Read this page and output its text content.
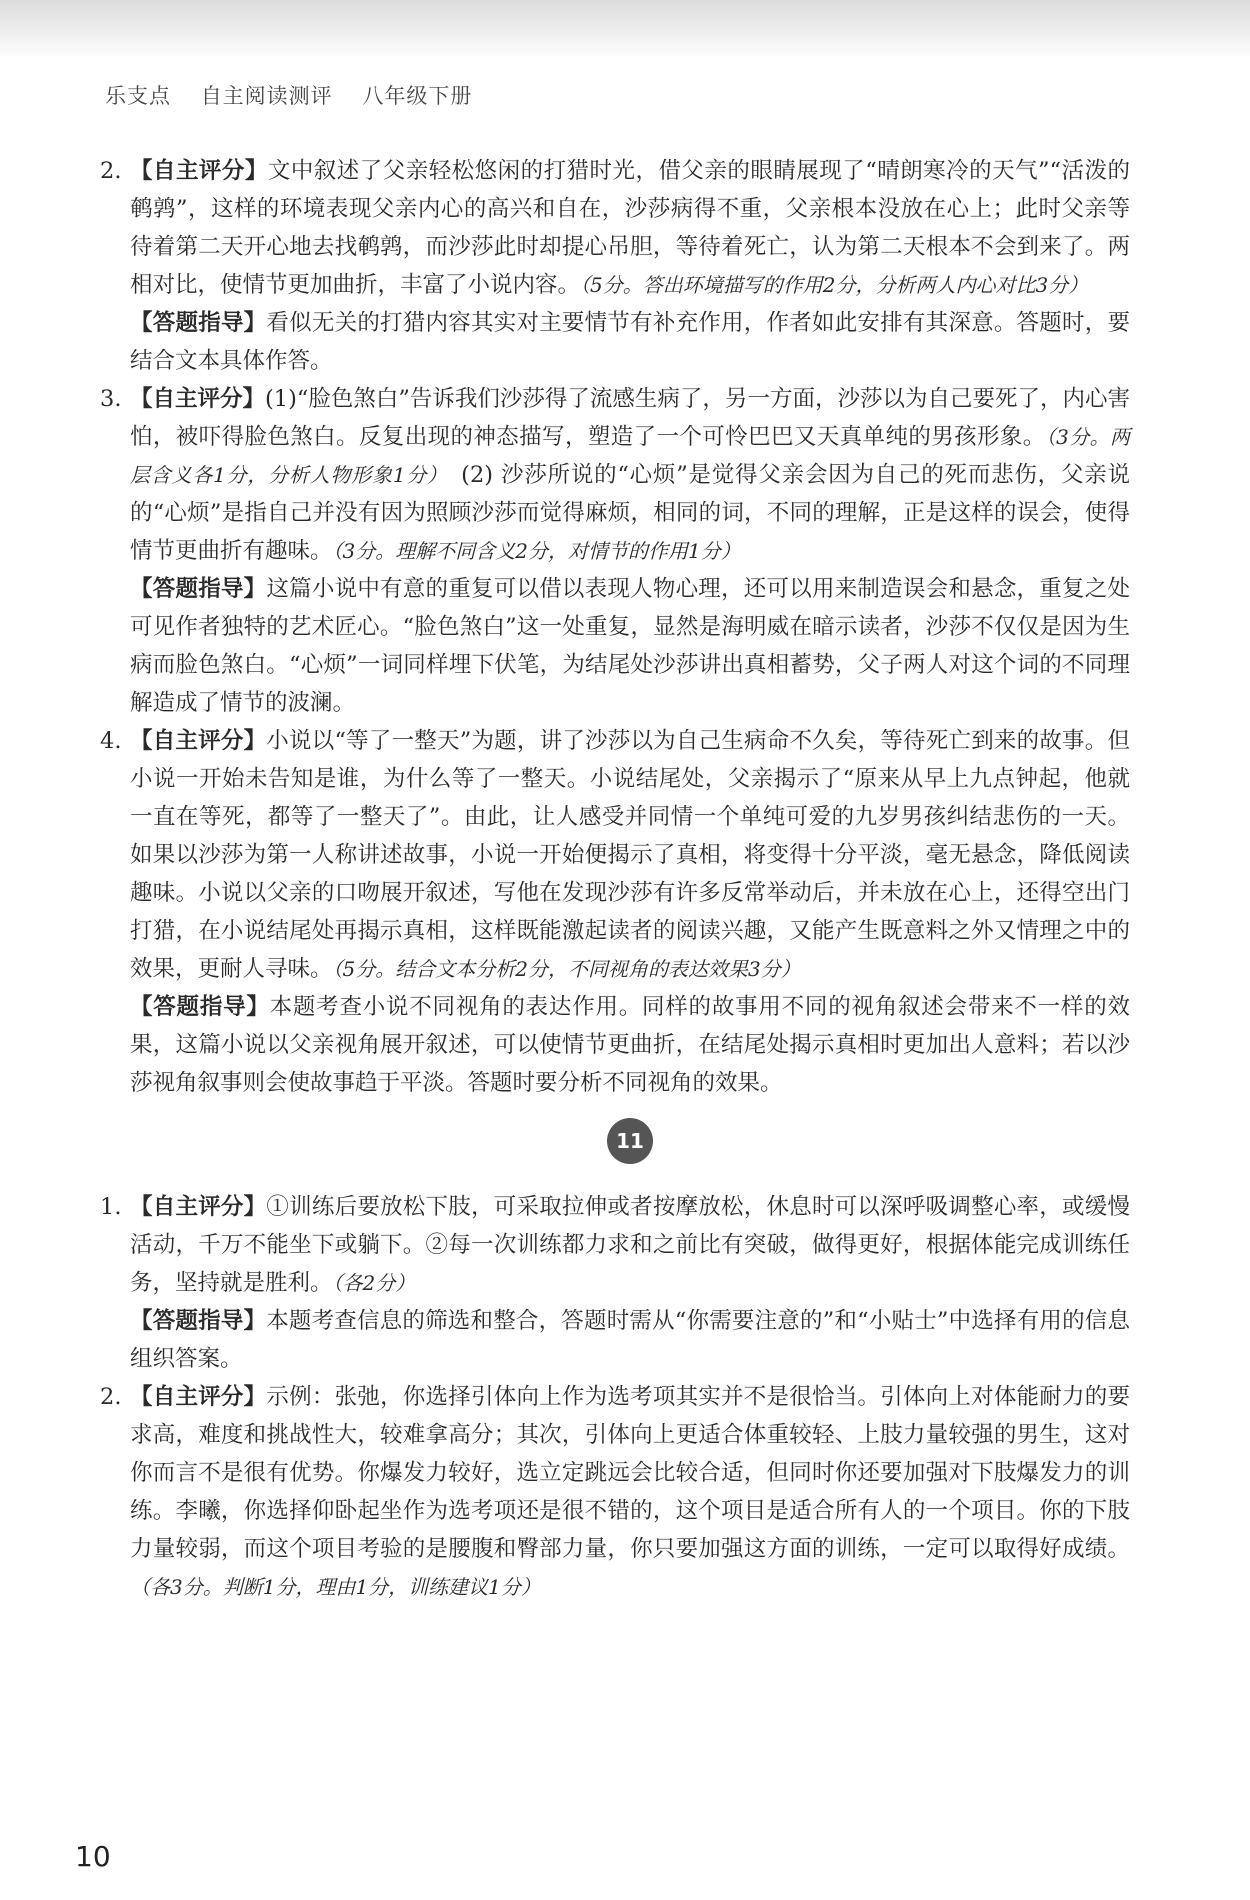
乐支点 自主阅读测评 八年级下册
2. 【自主评分】文中叙述了父亲轻松悠闲的打猎时光，借父亲的眼睛展现了“晴朗寒冷的天气”“活泼的鹌鹑”，这样的环境表现父亲内心的高兴和自在，沙莎病得不重，父亲根本没放在心上；此时父亲等待着第二天开心地去找鹌鹑，而沙莎此时却提心吊胆，等待着死亡，认为第二天根本不会到来了。两相对比，使情节更加曲折，丰富了小说内容。（5分。答出环境描写的作用2分，分析两人内心对比3分）

【答题指导】看似无关的打猎内容其实对主要情节有补充作用，作者如此安排有其深意。答题时，要结合文本具体作答。

3. 【自主评分】(1)“脸色煞白”告诉我们沙莎得了流感生病了，另一方面，沙莎以为自己要死了，内心害怕，被吓得脸色煞白。反复出现的神态描写，塑造了一个可怜巴巴又天真单纯的男孩形象。（3分。两层含义各1分，分析人物形象1分）　(2) 沙莎所说的“心烦”是觉得父亲会因为自己的死而悲伤，父亲说的“心烦”是指自己并没有因为照顾沙莎而觉得麻烦，相同的词，不同的理解，正是这样的误会，使得情节更曲折有趣味。（3分。理解不同含义2分，对情节的作用1分）

【答题指导】这篇小说中有意的重复可以借以表现人物心理，还可以用来制造误会和悬念，重复之处可见作者独特的艺术匠心。“脸色煞白”这一处重复，显然是海明威在暗示读者，沙莎不仅仅是因为生病而脸色煞白。“心烦”一词同样埋下伏笔，为结尾处沙莎讲出真相蓄势，父子两人对这个词的不同理解造成了情节的波澜。

4. 【自主评分】小说以“等了一整天”为题，讲了沙莎以为自己生病命不久矣，等待死亡到来的故事。但小说一开始未告知是谁，为什么等了一整天。小说结尾处，父亲揭示了“原来从早上九点钟起，他就一直在等死，都等了一整天了”。由此，让人感受并同情一个单纯可爱的九岁男孩纠结悲伤的一天。如果以沙莎为第一人称讲述故事，小说一开始便揭示了真相，将变得十分平淡，毫无悬念，降低阅读趣味。小说以父亲的口吻展开叙述，写他在发现沙莎有许多反常举动后，并未放在心上，还得空出门打猎，在小说结尾处再揭示真相，这样既能激起读者的阅读兴趣，又能产生既意料之外又情理之中的效果，更耐人寻味。（5分。结合文本分析2分，不同视角的表达效果3分）

【答题指导】本题考查小说不同视角的表达作用。同样的故事用不同的视角叙述会带来不一样的效果，这篇小说以父亲视角展开叙述，可以使情节更曲折，在结尾处揭示真相时更加出人意料；若以沙莎视角叙事则会使故事趋于平淡。答题时要分析不同视角的效果。

11
1. 【自主评分】①训练后要放松下肢，可采取拉伸或者按摩放松，休息时可以深呼吸调整心率，或缓慢活动，千万不能坐下或躺下。②每一次训练都力求和之前比有突破，做得更好，根据体能完成训练任务，坚持就是胜利。（各2分）

【答题指导】本题考查信息的筛选和整合，答题时需从“你需要注意的”和“小贴士”中选择有用的信息组织答案。

2. 【自主评分】示例：张弛，你选择引体向上作为选考项其实并不是很恰当。引体向上对体能耐力的要求高，难度和挑战性大，较难拿高分；其次，引体向上更适合体重较轻、上肢力量较强的男生，这对你而言不是很有优势。你爆发力较好，选立定跳远会比较合适，但同时你还要加强对下肢爆发力的训练。李曦，你选择仰卧起坐作为选考项还是很不错的，这个项目是适合所有人的一个项目。你的下肢力量较弱，而这个项目考验的是腰腹和臀部力量，你只要加强这方面的训练，一定可以取得好成绩。（各3分。判断1分，理由1分，训练建议1分）

10
